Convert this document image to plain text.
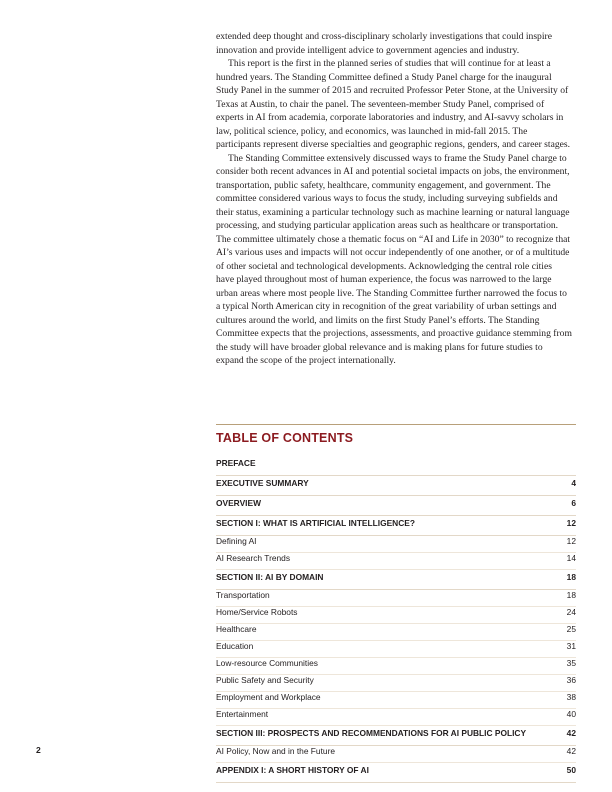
extended deep thought and cross-disciplinary scholarly investigations that could inspire innovation and provide intelligent advice to government agencies and industry.

This report is the first in the planned series of studies that will continue for at least a hundred years. The Standing Committee defined a Study Panel charge for the inaugural Study Panel in the summer of 2015 and recruited Professor Peter Stone, at the University of Texas at Austin, to chair the panel. The seventeen-member Study Panel, comprised of experts in AI from academia, corporate laboratories and industry, and AI-savvy scholars in law, political science, policy, and economics, was launched in mid-fall 2015. The participants represent diverse specialties and geographic regions, genders, and career stages.

The Standing Committee extensively discussed ways to frame the Study Panel charge to consider both recent advances in AI and potential societal impacts on jobs, the environment, transportation, public safety, healthcare, community engagement, and government. The committee considered various ways to focus the study, including surveying subfields and their status, examining a particular technology such as machine learning or natural language processing, and studying particular application areas such as healthcare or transportation. The committee ultimately chose a thematic focus on “AI and Life in 2030” to recognize that AI’s various uses and impacts will not occur independently of one another, or of a multitude of other societal and technological developments. Acknowledging the central role cities have played throughout most of human experience, the focus was narrowed to the large urban areas where most people live. The Standing Committee further narrowed the focus to a typical North American city in recognition of the great variability of urban settings and cultures around the world, and limits on the first Study Panel’s efforts. The Standing Committee expects that the projections, assessments, and proactive guidance stemming from the study will have broader global relevance and is making plans for future studies to expand the scope of the project internationally.

TABLE OF CONTENTS
PREFACE
EXECUTIVE SUMMARY	4
OVERVIEW	6
SECTION I: WHAT IS ARTIFICIAL INTELLIGENCE?	12
Defining AI	12
AI Research Trends	14
SECTION II: AI BY DOMAIN	18
Transportation	18
Home/Service Robots	24
Healthcare	25
Education	31
Low-resource Communities	35
Public Safety and Security	36
Employment and Workplace	38
Entertainment	40
SECTION III: PROSPECTS AND RECOMMENDATIONS FOR AI PUBLIC POLICY	42
AI Policy, Now and in the Future	42
APPENDIX I: A SHORT HISTORY OF AI	50
2
